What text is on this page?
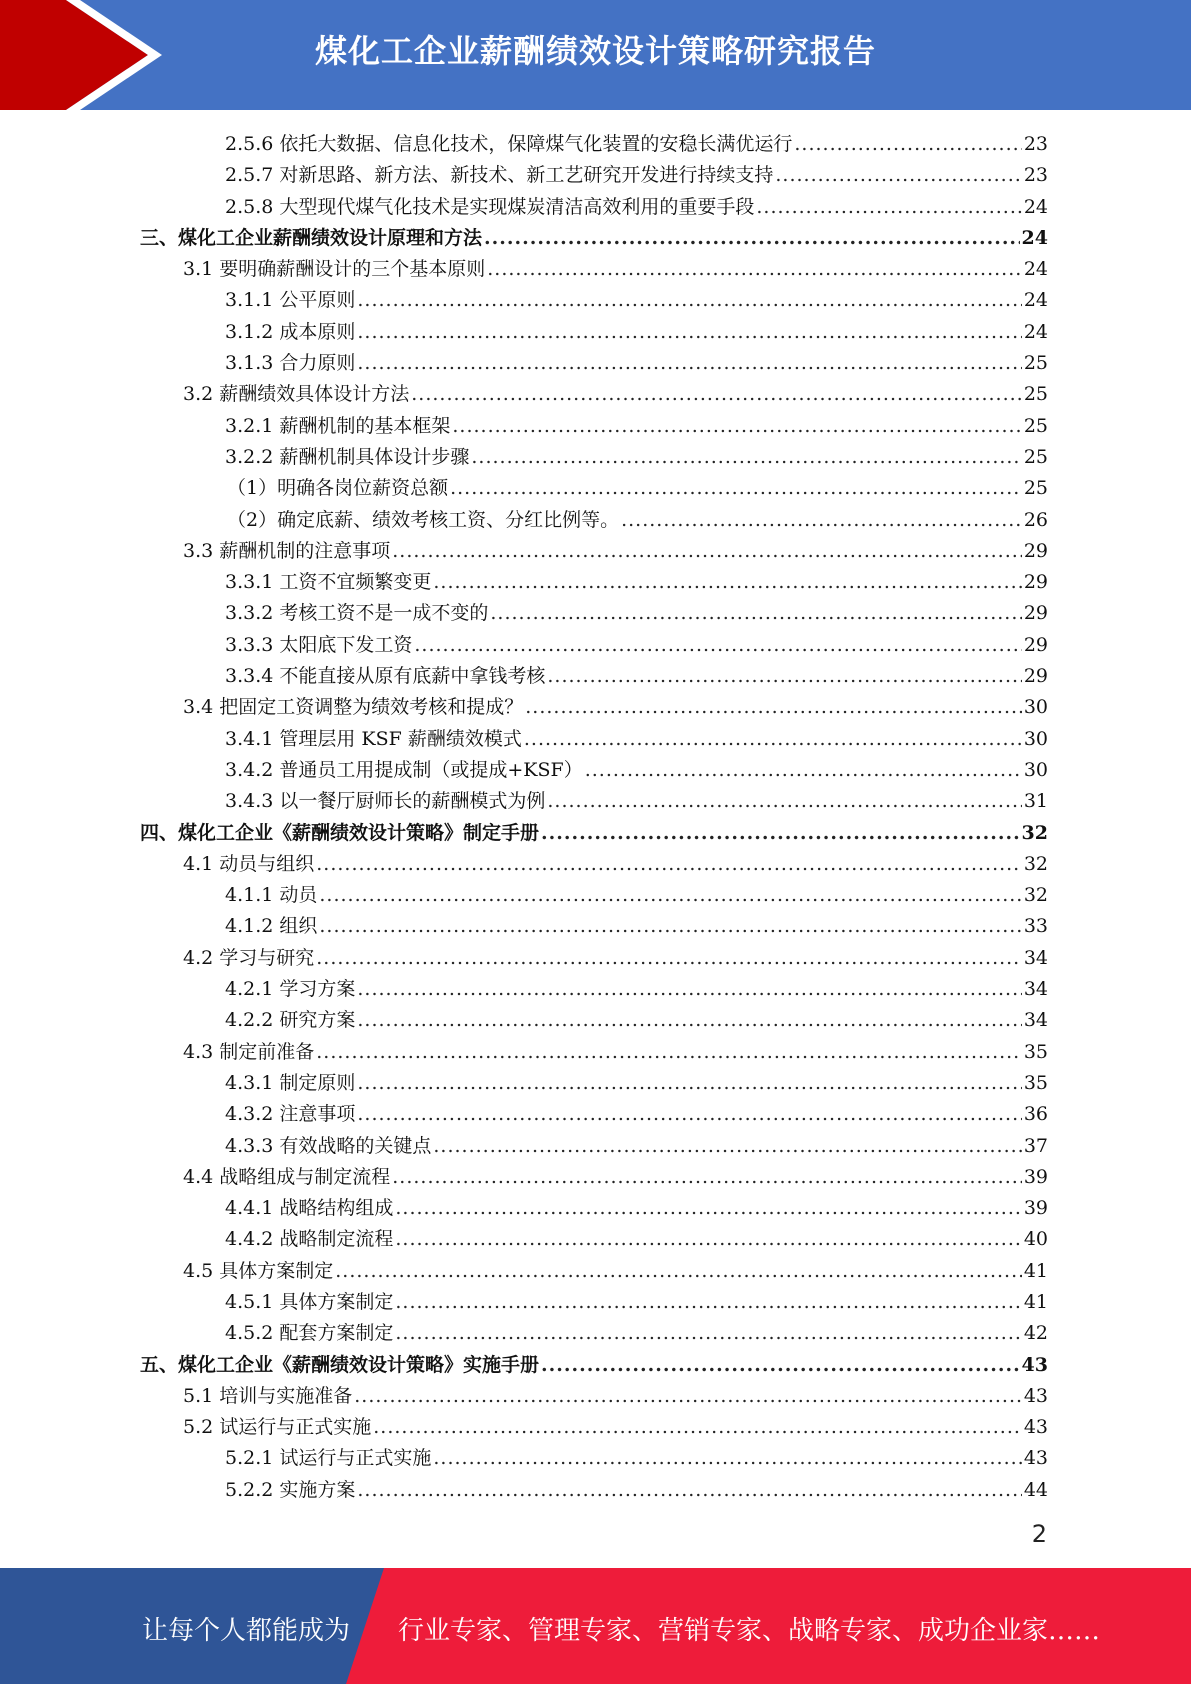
煤化工企业薪酬绩效设计策略研究报告
2.5.6 依托大数据、信息化技术，保障煤气化装置的安稳长满优运行 .....	23
2.5.7 对新思路、新方法、新技术、新工艺研究开发进行持续支持 .....	23
2.5.8 大型现代煤气化技术是实现煤炭清洁高效利用的重要手段 .....	24
三、煤化工企业薪酬绩效设计原理和方法 .....	24
3.1 要明确薪酬设计的三个基本原则 .....	24
3.1.1 公平原则 .....	24
3.1.2 成本原则 .....	24
3.1.3 合力原则 .....	25
3.2 薪酬绩效具体设计方法 .....	25
3.2.1 薪酬机制的基本框架 .....	25
3.2.2 薪酬机制具体设计步骤 .....	25
（1）明确各岗位薪资总额 .....	25
（2）确定底薪、绩效考核工资、分红比例等。 .....	26
3.3 薪酬机制的注意事项 .....	29
3.3.1 工资不宜频繁变更 .....	29
3.3.2 考核工资不是一成不变的 .....	29
3.3.3 太阳底下发工资 .....	29
3.3.4 不能直接从原有底薪中拿钱考核 .....	29
3.4 把固定工资调整为绩效考核和提成？ .....	30
3.4.1 管理层用 KSF 薪酬绩效模式 .....	30
3.4.2 普通员工用提成制（或提成+KSF） .....	30
3.4.3 以一餐厅厨师长的薪酬模式为例 .....	31
四、煤化工企业《薪酬绩效设计策略》制定手册 .....	32
4.1 动员与组织 .....	32
4.1.1 动员 .....	32
4.1.2 组织 .....	33
4.2 学习与研究 .....	34
4.2.1 学习方案 .....	34
4.2.2 研究方案 .....	34
4.3 制定前准备 .....	35
4.3.1 制定原则 .....	35
4.3.2 注意事项 .....	36
4.3.3 有效战略的关键点 .....	37
4.4 战略组成与制定流程 .....	39
4.4.1 战略结构组成 .....	39
4.4.2 战略制定流程 .....	40
4.5 具体方案制定 .....	41
4.5.1 具体方案制定 .....	41
4.5.2 配套方案制定 .....	42
五、煤化工企业《薪酬绩效设计策略》实施手册 .....	43
5.1 培训与实施准备 .....	43
5.2 试运行与正式实施 .....	43
5.2.1 试运行与正式实施 .....	43
5.2.2 实施方案 .....	44
2
让每个人都能成为 行业专家、管理专家、营销专家、战略专家、成功企业家……
